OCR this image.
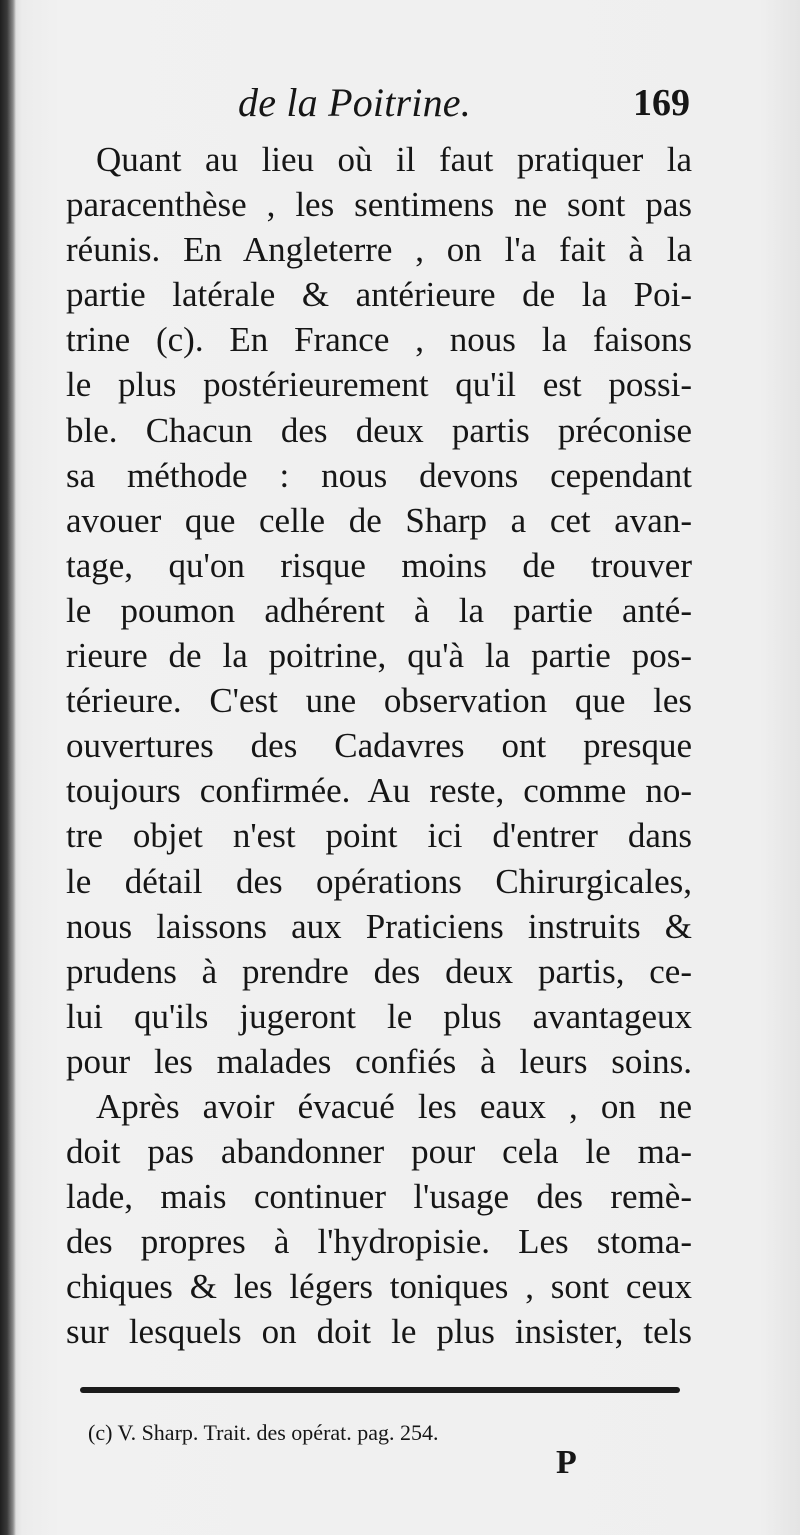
de la Poitrine.	169
Quant au lieu où il faut pratiquer la
paracenthèse , les sentimens ne sont pas
réunis. En Angleterre , on l'a fait à la
partie latérale & antérieure de la Poi-
trine (c). En France , nous la faisons
le plus postérieurement qu'il est possi-
ble. Chacun des deux partis préconise
sa méthode : nous devons cependant
avouer que celle de Sharp a cet avan-
tage, qu'on risque moins de trouver
le poumon adhérent à la partie anté-
rieure de la poitrine, qu'à la partie pos-
térieure. C'est une observation que les
ouvertures des Cadavres ont presque
toujours confirmée. Au reste, comme no-
tre objet n'est point ici d'entrer dans
le détail des opérations Chirurgicales,
nous laissons aux Praticiens instruits &
prudens à prendre des deux partis, ce-
lui qu'ils jugeront le plus avantageux
pour les malades confiés à leurs soins.
Après avoir évacué les eaux , on ne
doit pas abandonner pour cela le ma-
lade, mais continuer l'usage des remè-
des propres à l'hydropisie. Les stoma-
chiques & les légers toniques , sont ceux
sur lesquels on doit le plus insister, tels
(c) V. Sharp. Trait. des opérat. pag. 254.
P
